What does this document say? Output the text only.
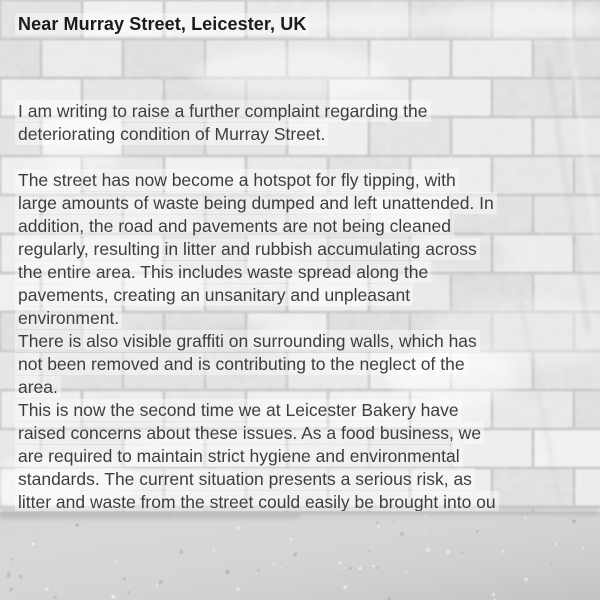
Near Murray Street, Leicester, UK
I am writing to raise a further complaint regarding the
deteriorating condition of Murray Street.
The street has now become a hotspot for fly tipping, with
large amounts of waste being dumped and left unattended. In
addition, the road and pavements are not being cleaned
regularly, resulting in litter and rubbish accumulating across
the entire area. This includes waste spread along the
pavements, creating an unsanitary and unpleasant
environment.
There is also visible graffiti on surrounding walls, which has
not been removed and is contributing to the neglect of the
area.
This is now the second time we at Leicester Bakery have
raised concerns about these issues. As a food business, we
are required to maintain strict hygiene and environmental
standards. The current situation presents a serious risk, as
litter and waste from the street could easily be brought into ou
